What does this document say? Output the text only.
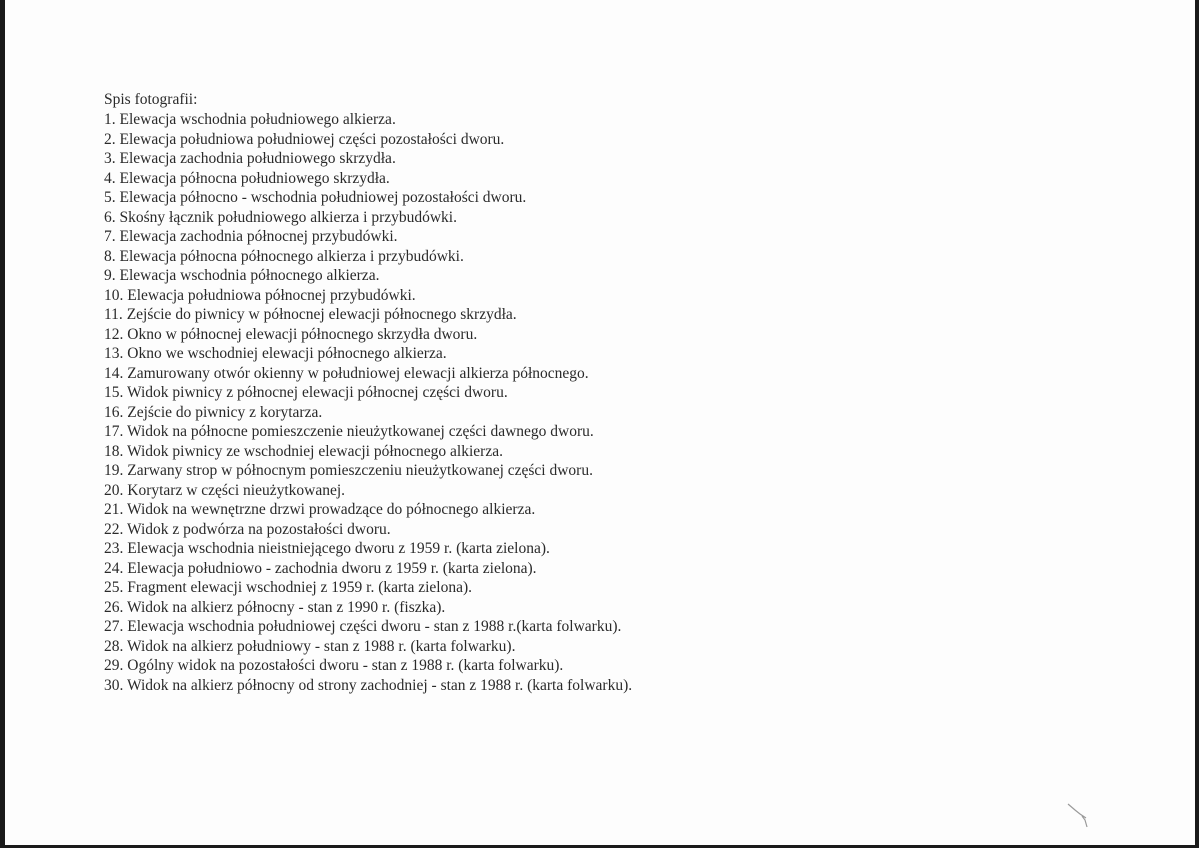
Spis fotografii:
1. Elewacja wschodnia południowego alkierza.
2. Elewacja południowa południowej części pozostałości dworu.
3. Elewacja zachodnia południowego skrzydła.
4. Elewacja północna południowego skrzydła.
5. Elewacja północno - wschodnia południowej pozostałości dworu.
6. Skośny łącznik południowego alkierza i przybudówki.
7. Elewacja zachodnia północnej przybudówki.
8. Elewacja północna północnego alkierza i przybudówki.
9. Elewacja wschodnia północnego alkierza.
10. Elewacja południowa północnej przybudówki.
11. Zejście do piwnicy w północnej elewacji północnego skrzydła.
12. Okno w północnej elewacji północnego skrzydła dworu.
13. Okno we wschodniej elewacji północnego alkierza.
14. Zamurowany otwór okienny w południowej elewacji alkierza północnego.
15. Widok piwnicy z północnej elewacji północnej części dworu.
16. Zejście do piwnicy z korytarza.
17. Widok na północne pomieszczenie nieużytkowanej części dawnego dworu.
18. Widok piwnicy ze wschodniej elewacji północnego alkierza.
19. Zarwany strop w północnym pomieszczeniu nieużytkowanej części dworu.
20. Korytarz w części nieużytkowanej.
21. Widok na wewnętrzne drzwi prowadzące do północnego alkierza.
22. Widok z podwórza na pozostałości dworu.
23. Elewacja wschodnia nieistniejącego dworu z 1959 r. (karta zielona).
24. Elewacja południowo - zachodnia dworu z 1959 r. (karta zielona).
25. Fragment elewacji wschodniej z 1959 r. (karta zielona).
26. Widok na alkierz północny - stan z 1990 r. (fiszka).
27. Elewacja wschodnia południowej części dworu - stan z 1988 r.(karta folwarku).
28. Widok na alkierz południowy - stan z 1988 r. (karta folwarku).
29. Ogólny widok na pozostałości dworu - stan z 1988 r. (karta folwarku).
30. Widok na alkierz północny od strony zachodniej - stan z 1988 r. (karta folwarku).
